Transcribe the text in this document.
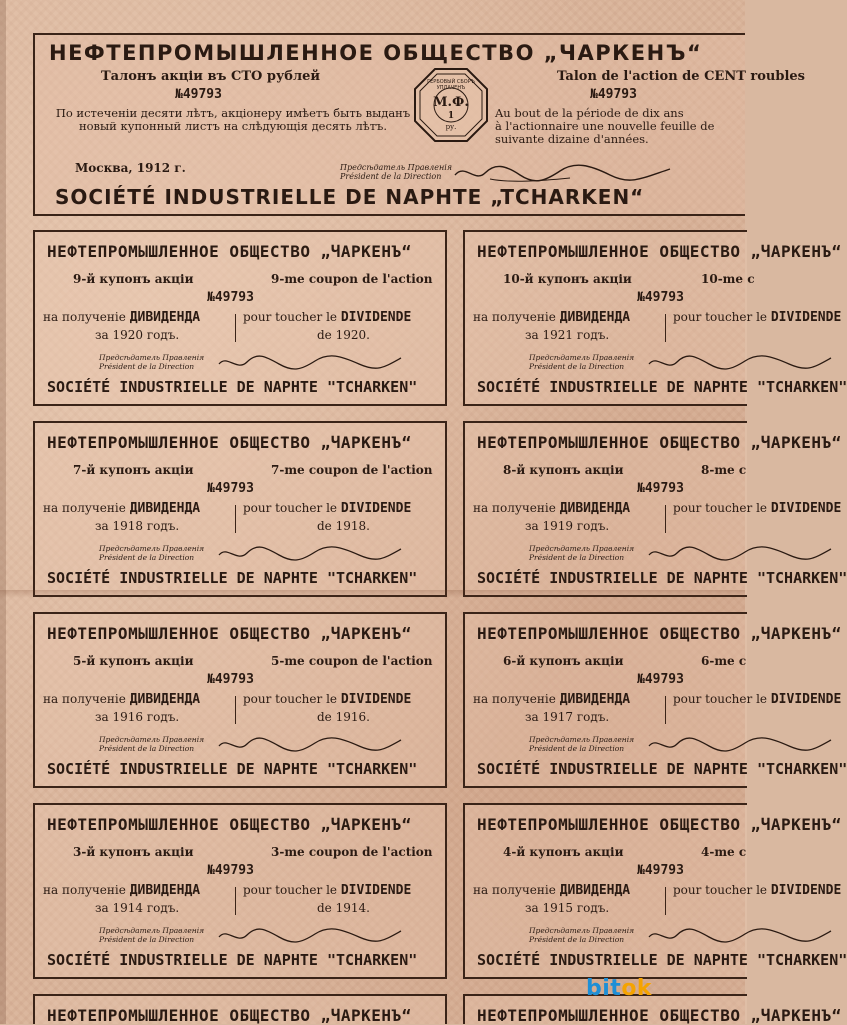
НЕФТЕПРОМЫШЛЕННОЕ ОБЩЕСТВО „ЧАРКЕНЪ“
Талонъ акціи въ СТО рублей	Talon de l'action de CENT roubles
№49793	№49793
По истеченіи десяти лѣтъ, акціонеру имѣетъ быть выданъ новый купонный листъ на слѣдующія десять лѣтъ.
Au bout de la période de dix ans
à l'actionnaire une nouvelle feuille de
suivante dizaine d'années.
Москва, 1912 г.	Предсѣдатель Правленія
Président de la Direction
SOCIÉTÉ INDUSTRIELLE DE NAPHTE „TCHARKEN“
ГЕРБОВЫЙ СБОРЪ УПЛАЧЕНЪ
М.Ф.
1
ру.
НЕФТЕПРОМЫШЛЕННОЕ ОБЩЕСТВО „ЧАРКЕНЪ“
9-й купонъ акціи	9-me coupon de l'action
№49793
на полученіе ДИВИДЕНДА	pour toucher le DIVIDENDE
за 1920 годъ.	de 1920.
Предсѣдатель Правленія
Président de la Direction
SOCIÉTÉ INDUSTRIELLE DE NAPHTE "TCHARKEN"
НЕФТЕПРОМЫШЛЕННОЕ ОБЩЕСТВО „ЧАРКЕНЪ“
10-й купонъ акціи	10-me c
№49793
на полученіе ДИВИДЕНДА	pour toucher le DIVIDENDE
за 1921 годъ.
Предсѣдатель Правленія
Président de la Direction
SOCIÉTÉ INDUSTRIELLE DE NAPHTE "TCHARKEN"
НЕФТЕПРОМЫШЛЕННОЕ ОБЩЕСТВО „ЧАРКЕНЪ“
7-й купонъ акціи	7-me coupon de l'action
№49793
на полученіе ДИВИДЕНДА	pour toucher le DIVIDENDE
за 1918 годъ.	de 1918.
Предсѣдатель Правленія
Président de la Direction
SOCIÉTÉ INDUSTRIELLE DE NAPHTE "TCHARKEN"
НЕФТЕПРОМЫШЛЕННОЕ ОБЩЕСТВО „ЧАРКЕНЪ“
8-й купонъ акціи	8-me c
№49793
на полученіе ДИВИДЕНДА	pour toucher le DIVIDENDE
за 1919 годъ.
Предсѣдатель Правленія
Président de la Direction
SOCIÉTÉ INDUSTRIELLE DE NAPHTE "TCHARKEN"
НЕФТЕПРОМЫШЛЕННОЕ ОБЩЕСТВО „ЧАРКЕНЪ“
5-й купонъ акціи	5-me coupon de l'action
№49793
на полученіе ДИВИДЕНДА	pour toucher le DIVIDENDE
за 1916 годъ.	de 1916.
Предсѣдатель Правленія
Président de la Direction
SOCIÉTÉ INDUSTRIELLE DE NAPHTE "TCHARKEN"
НЕФТЕПРОМЫШЛЕННОЕ ОБЩЕСТВО „ЧАРКЕНЪ“
6-й купонъ акціи	6-me c
№49793
на полученіе ДИВИДЕНДА	pour toucher le DIVIDENDE
за 1917 годъ.
Предсѣдатель Правленія
Président de la Direction
SOCIÉTÉ INDUSTRIELLE DE NAPHTE "TCHARKEN"
НЕФТЕПРОМЫШЛЕННОЕ ОБЩЕСТВО „ЧАРКЕНЪ“
3-й купонъ акціи	3-me coupon de l'action
№49793
на полученіе ДИВИДЕНДА	pour toucher le DIVIDENDE
за 1914 годъ.	de 1914.
Предсѣдатель Правленія
Président de la Direction
SOCIÉTÉ INDUSTRIELLE DE NAPHTE "TCHARKEN"
НЕФТЕПРОМЫШЛЕННОЕ ОБЩЕСТВО „ЧАРКЕНЪ“
4-й купонъ акціи	4-me c
№49793
на полученіе ДИВИДЕНДА	pour toucher le DIVIDENDE
за 1915 годъ.
Предсѣдатель Правленія
Président de la Direction
SOCIÉTÉ INDUSTRIELLE DE NAPHTE "TCHARKEN"
НЕФТЕПРОМЫШЛЕННОЕ ОБЩЕСТВО „ЧАРКЕНЪ“	НЕФТЕПРОМЫШЛЕННОЕ ОБЩЕСТВО „ЧАРКЕНЪ“
bitok
